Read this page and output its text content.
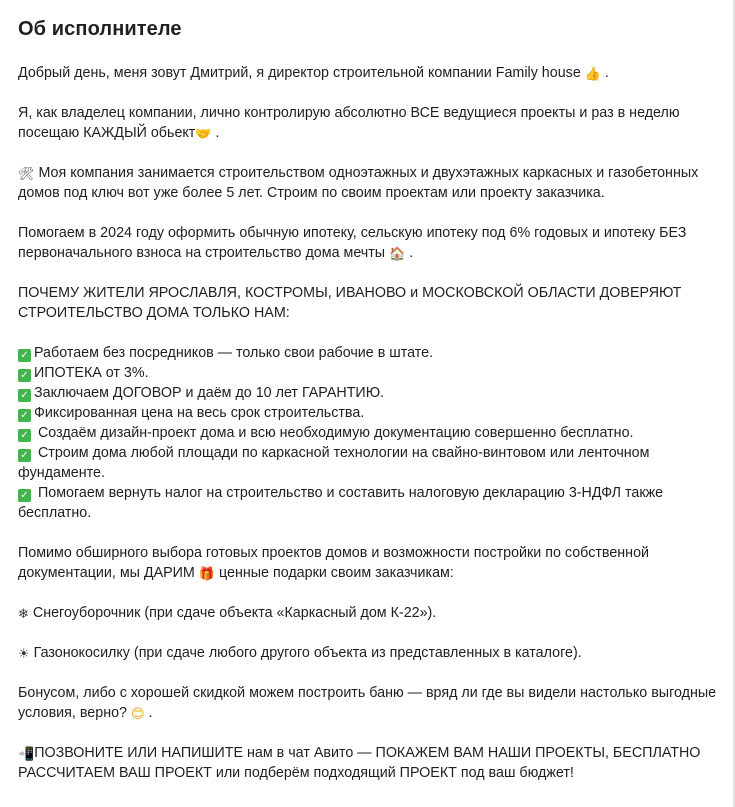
Об исполнителе

Добрый день, меня зовут Дмитрий, я директор строительной компании Family house 👍 .

Я, как владелец компании, лично контролирую абсолютно ВСЕ ведущиеся проекты и раз в неделю посещаю КАЖДЫЙ обьект🤝 .

🛠 Моя компания занимается строительством одноэтажных и двухэтажных каркасных и газобетонных домов под ключ вот уже более 5 лет. Строим по своим проектам или проекту заказчика.

Помогаем в 2024 году оформить обычную ипотеку, сельскую ипотеку под 6% годовых и ипотеку БЕЗ первоначального взноса на строительство дома мечты 🏠 .

ПОЧЕМУ ЖИТЕЛИ ЯРОСЛАВЛЯ, КОСТРОМЫ, ИВАНОВО и МОСКОВСКОЙ ОБЛАСТИ ДОВЕРЯЮТ СТРОИТЕЛЬСТВО ДОМА ТОЛЬКО НАМ:

✓ Работаем без посредников — только свои рабочие в штате.
✓ ИПОТЕКА от 3%.
✓ Заключаем ДОГОВОР и даём до 10 лет ГАРАНТИЮ.
✓ Фиксированная цена на весь срок строительства.
✓ Создаём дизайн-проект дома и всю необходимую документацию совершенно бесплатно.
✓ Строим дома любой площади по каркасной технологии на свайно-винтовом или ленточном фундаменте.
✓ Помогаем вернуть налог на строительство и составить налоговую декларацию 3-НДФЛ также бесплатно.

Помимо обширного выбора готовых проектов домов и возможности постройки по собственной документации, мы ДАРИМ 🎁 ценные подарки своим заказчикам:

❄ Снегоуборочник (при сдаче объекта «Каркасный дом К-22»).

☀ Газонокосилку (при сдаче любого другого объекта из представленных в каталоге).

Бонусом, либо с хорошей скидкой можем построить баню — вряд ли где вы видели настолько выгодные условия, верно? 😊 .

📲ПОЗВОНИТЕ ИЛИ НАПИШИТЕ нам в чат Авито — ПОКАЖЕМ ВАМ НАШИ ПРОЕКТЫ, БЕСПЛАТНО РАССЧИТАЕМ ВАШ ПРОЕКТ или подберём подходящий ПРОЕКТ под ваш бюджет!
